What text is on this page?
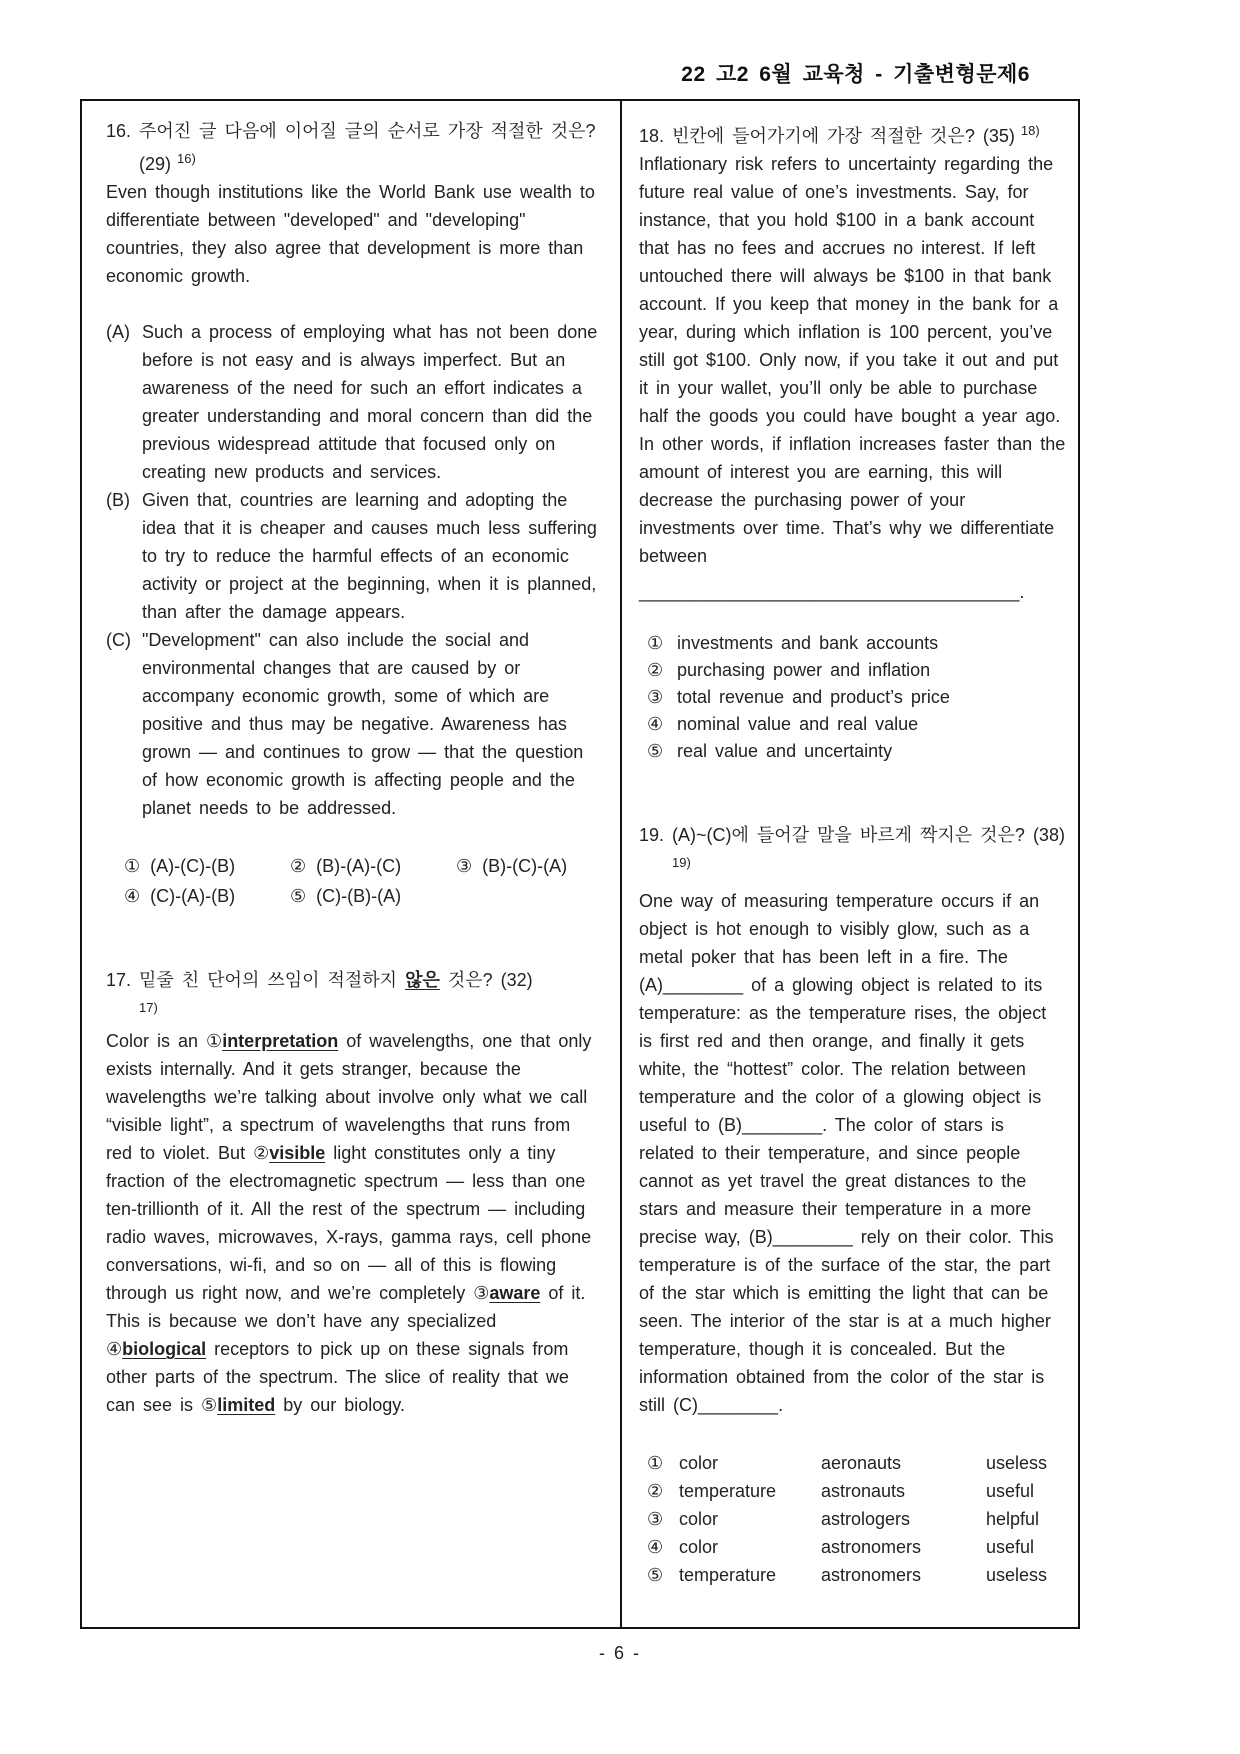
22 고2 6월 교육청 - 기출변형문제6
16. 주어진 글 다음에 이어질 글의 순서로 가장 적절한 것은? (29) $^{16)}$

Even though institutions like the World Bank use wealth to differentiate between "developed" and "developing" countries, they also agree that development is more than economic growth.

(A) Such a process of employing what has not been done before is not easy and is always imperfect. But an awareness of the need for such an effort indicates a greater understanding and moral concern than did the previous widespread attitude that focused only on creating new products and services.
(B) Given that, countries are learning and adopting the idea that it is cheaper and causes much less suffering to try to reduce the harmful effects of an economic activity or project at the beginning, when it is planned, than after the damage appears.
(C) "Development" can also include the social and environmental changes that are caused by or accompany economic growth, some of which are positive and thus may be negative. Awareness has grown — and continues to grow — that the question of how economic growth is affecting people and the planet needs to be addressed.
① (A)-(C)-(B)	② (B)-(A)-(C)	③ (B)-(C)-(A)
④ (C)-(A)-(B)	⑤ (C)-(B)-(A)
17. 밑줄 친 단어의 쓰임이 적절하지 않은 것은? (32)
$^{17)}$

Color is an ①interpretation of wavelengths, one that only exists internally. And it gets stranger, because the wavelengths we’re talking about involve only what we call “visible light”, a spectrum of wavelengths that runs from red to violet. But ②visible light constitutes only a tiny fraction of the electromagnetic spectrum — less than one ten-trillionth of it. All the rest of the spectrum — including radio waves, microwaves, X-rays, gamma rays, cell phone conversations, wi-fi, and so on — all of this is flowing through us right now, and we’re completely ③aware of it. This is because we don’t have any specialized ④biological receptors to pick up on these signals from other parts of the spectrum. The slice of reality that we can see is ⑤limited by our biology.

18. 빈칸에 들어가기에 가장 적절한 것은? (35) $^{18)}$

Inflationary risk refers to uncertainty regarding the future real value of one’s investments. Say, for instance, that you hold $100 in a bank account that has no fees and accrues no interest. If left untouched there will always be $100 in that bank account. If you keep that money in the bank for a year, during which inflation is 100 percent, you’ve still got $100. Only now, if you take it out and put it in your wallet, you’ll only be able to purchase half the goods you could have bought a year ago. In other words, if inflation increases faster than the amount of interest you are earning, this will decrease the purchasing power of your investments over time. That’s why we differentiate between

______________________________________.
① investments and bank accounts
② purchasing power and inflation
③ total revenue and product’s price
④ nominal value and real value
⑤ real value and uncertainty
19. (A)~(C)에 들어갈 말을 바르게 짝지은 것은? (38)
$^{19)}$

One way of measuring temperature occurs if an object is hot enough to visibly glow, such as a metal poker that has been left in a fire. The (A)________ of a glowing object is related to its temperature: as the temperature rises, the object is first red and then orange, and finally it gets white, the “hottest” color. The relation between temperature and the color of a glowing object is useful to (B)________. The color of stars is related to their temperature, and since people cannot as yet travel the great distances to the stars and measure their temperature in a more precise way, (B)________ rely on their color. This temperature is of the surface of the star, the part of the star which is emitting the light that can be seen. The interior of the star is at a much higher temperature, though it is concealed. But the information obtained from the color of the star is still (C)________.

① color	aeronauts	useless
② temperature	astronauts	useful
③ color	astrologers	helpful
④ color	astronomers	useful
⑤ temperature	astronomers	useless
- 6 -
